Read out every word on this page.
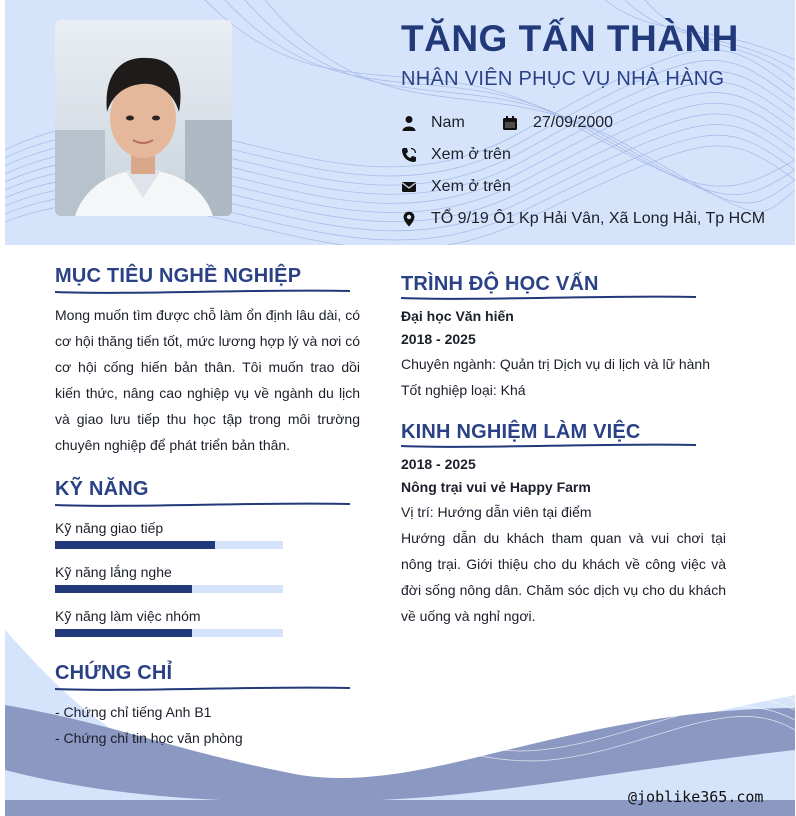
TĂNG TẤN THÀNH
NHÂN VIÊN PHỤC VỤ NHÀ HÀNG
Nam	27/09/2000
Xem ở trên
Xem ở trên
TỔ 9/19 Ô1 Kp Hải Vân, Xã Long Hải, Tp HCM
MỤC TIÊU NGHỀ NGHIỆP
Mong muốn tìm được chỗ làm ổn định lâu dài, có cơ hội thăng tiến tốt, mức lương hợp lý và nơi có cơ hội cống hiến bản thân. Tôi muốn trao dồi kiến thức, nâng cao nghiệp vụ về ngành du lịch và giao lưu tiếp thu học tập trong môi trường chuyên nghiệp để phát triển bản thân.
KỸ NĂNG
Kỹ năng giao tiếp
Kỹ năng lắng nghe
Kỹ năng làm việc nhóm
CHỨNG CHỈ
- Chứng chỉ tiếng Anh B1
- Chứng chỉ tin học văn phòng
TRÌNH ĐỘ HỌC VẤN
Đại học Văn hiến
2018 - 2025
Chuyên ngành: Quản trị Dịch vụ di lịch và lữ hành
Tốt nghiệp loại: Khá
KINH NGHIỆM LÀM VIỆC
2018 - 2025
Nông trại vui vẻ Happy Farm
Vị trí: Hướng dẫn viên tại điểm
Hướng dẫn du khách tham quan và vui chơi tại nông trại. Giới thiệu cho du khách về công việc và đời sống nông dân. Chăm sóc dịch vụ cho du khách về uống và nghỉ ngơi.
@joblike365.com
